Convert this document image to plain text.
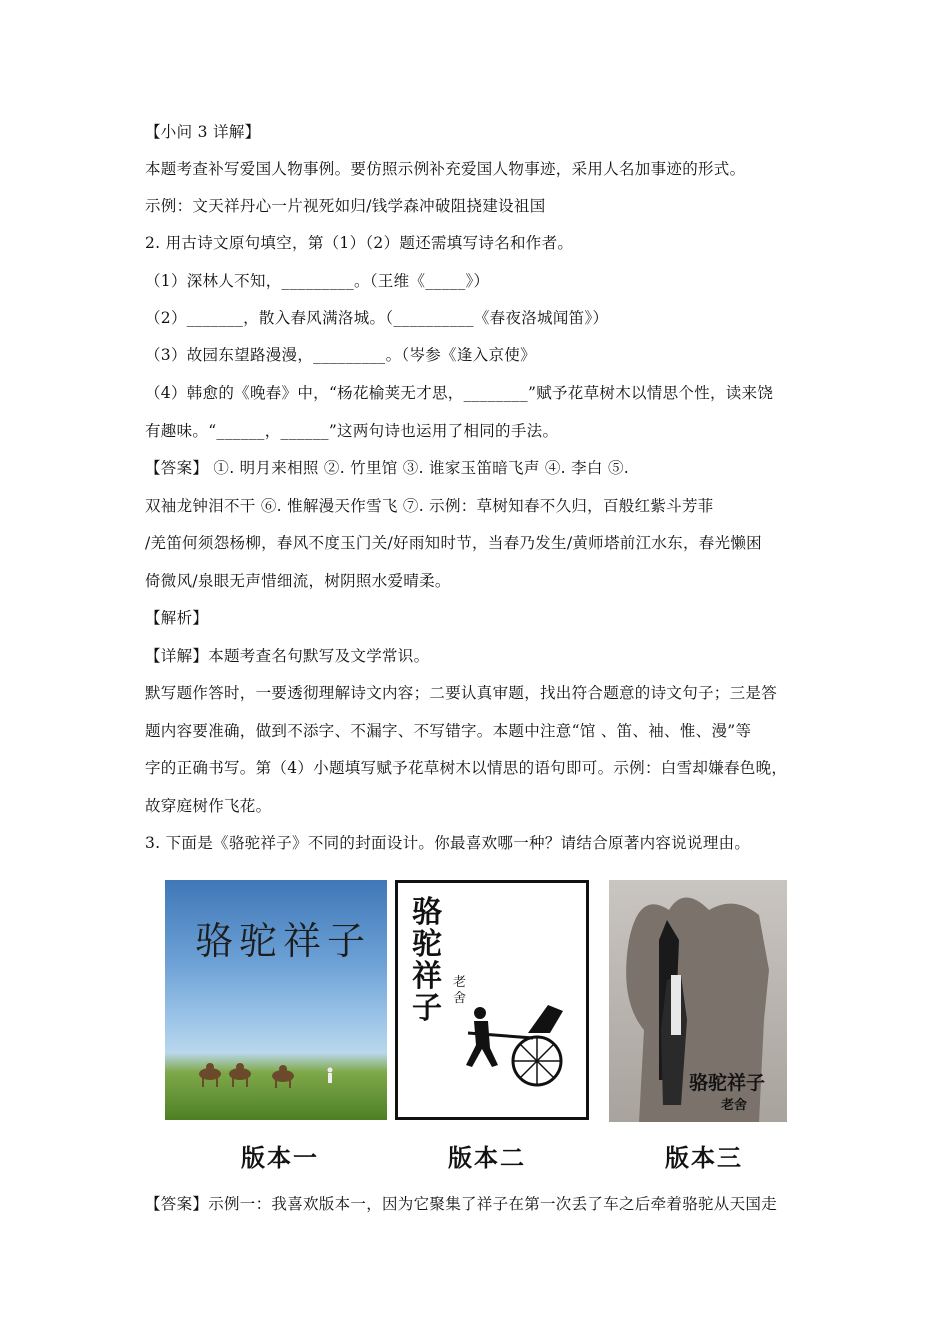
【小问 3 详解】
本题考查补写爱国人物事例。要仿照示例补充爱国人物事迹，采用人名加事迹的形式。
示例：文天祥丹心一片视死如归/钱学森冲破阻挠建设祖国
2. 用古诗文原句填空，第（1）（2）题还需填写诗名和作者。
（1）深林人不知，_________。（王维《_____》）
（2）_______，散入春风满洛城。（__________《春夜洛城闻笛》）
（3）故园东望路漫漫，_________。（岑参《逢入京使》
（4）韩愈的《晚春》中，“杨花榆荚无才思，________”赋予花草树木以情思个性，读来饶
有趣味。“______，______”这两句诗也运用了相同的手法。
【答案】 ①. 明月来相照 ②. 竹里馆 ③. 谁家玉笛暗飞声 ④. 李白 ⑤.
双袖龙钟泪不干 ⑥. 惟解漫天作雪飞 ⑦. 示例：草树知春不久归，百般红紫斗芳菲
/羌笛何须怨杨柳，春风不度玉门关/好雨知时节，当春乃发生/黄师塔前江水东，春光懒困
倚微风/泉眼无声惜细流，树阴照水爱晴柔。
【解析】
【详解】本题考查名句默写及文学常识。
默写题作答时，一要透彻理解诗文内容；二要认真审题，找出符合题意的诗文句子；三是答
题内容要准确，做到不添字、不漏字、不写错字。本题中注意“馆 、笛、袖、惟、漫”等
字的正确书写。第（4）小题填写赋予花草树木以情思的语句即可。示例：白雪却嫌春色晚，
故穿庭树作飞花。
3. 下面是《骆驼祥子》不同的封面设计。你最喜欢哪一种？请结合原著内容说说理由。
骆驼祥子
骆驼祥子
老舍
骆驼祥子
老舍
版本一	版本二	版本三
【答案】示例一：我喜欢版本一，因为它聚集了祥子在第一次丢了车之后牵着骆驼从天国走
